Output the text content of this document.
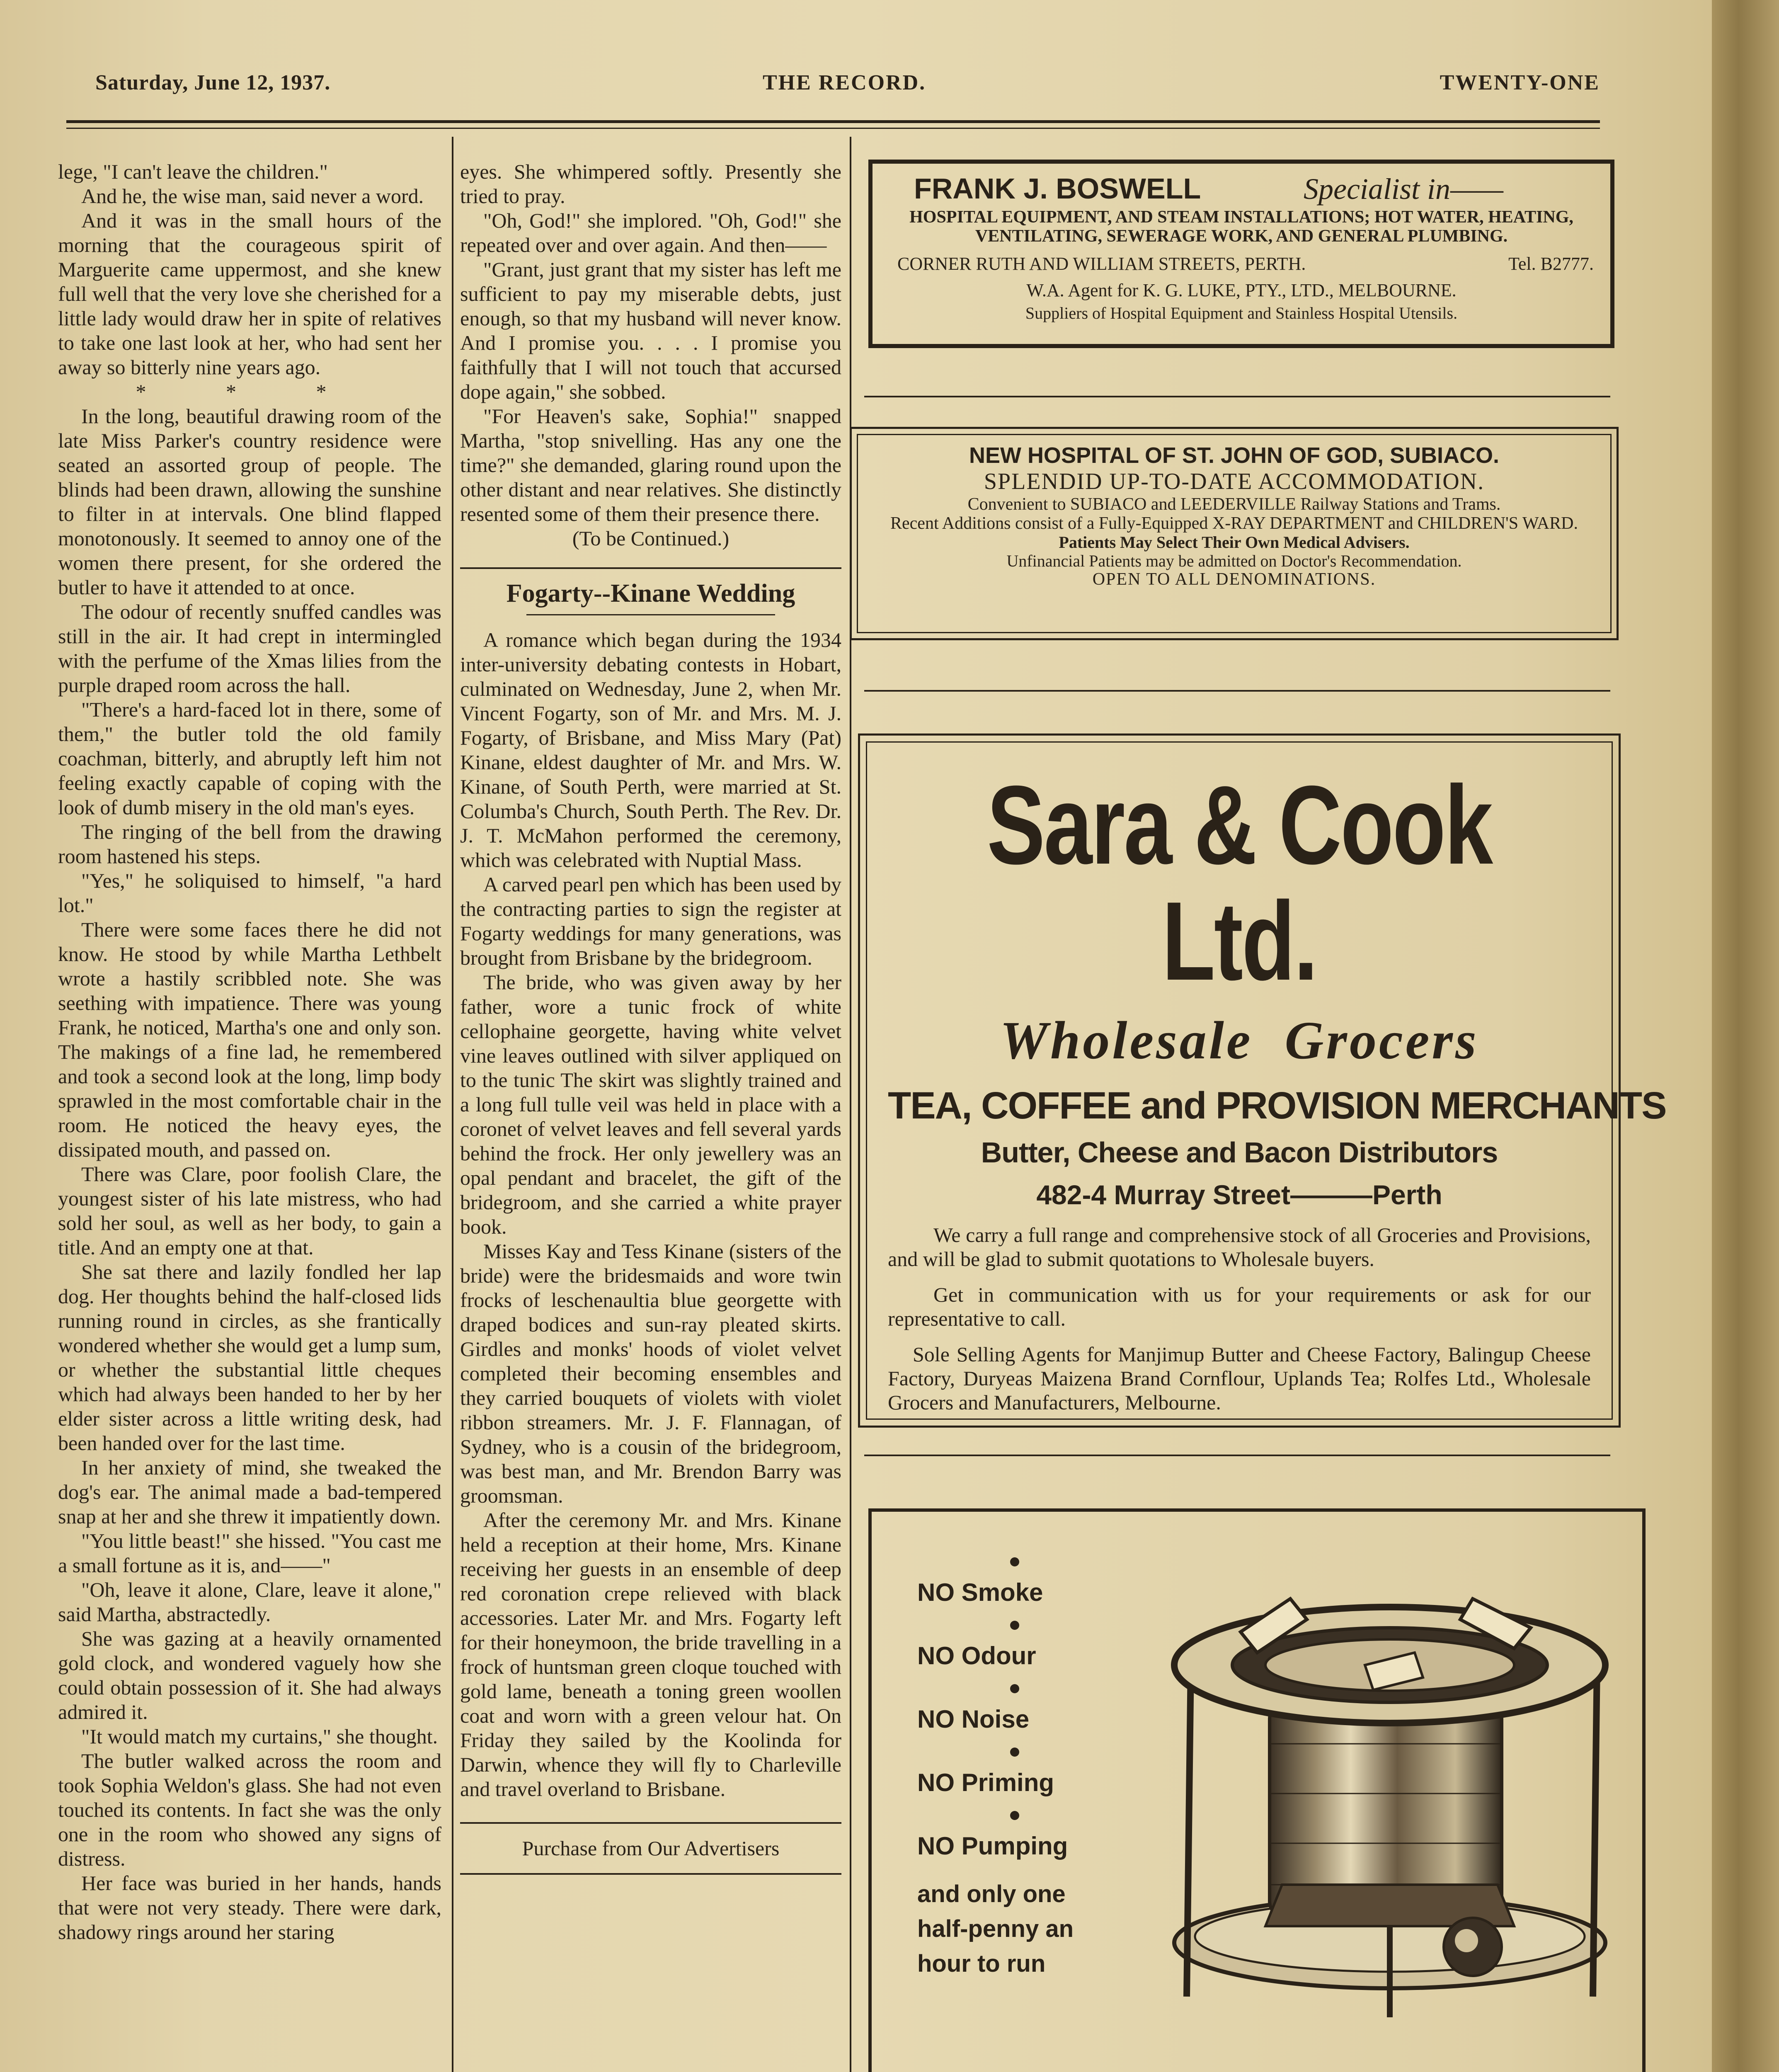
Saturday, June 12, 1937.	THE RECORD.	TWENTY-ONE

lege, "I can't leave the children."

And he, the wise man, said never a word.

And it was in the small hours of the morning that the courageous spirit of Marguerite came uppermost, and she knew full well that the very love she cherished for a little lady would draw her in spite of relatives to take one last look at her, who had sent her away so bitterly nine years ago.

* * *

In the long, beautiful drawing room of the late Miss Parker's country residence were seated an assorted group of people. The blinds had been drawn, allowing the sunshine to filter in at intervals. One blind flapped monotonously. It seemed to annoy one of the women there present, for she ordered the butler to have it attended to at once.

The odour of recently snuffed candles was still in the air. It had crept in intermingled with the perfume of the Xmas lilies from the purple draped room across the hall.

"There's a hard-faced lot in there, some of them," the butler told the old family coachman, bitterly, and abruptly left him not feeling exactly capable of coping with the look of dumb misery in the old man's eyes.

The ringing of the bell from the drawing room hastened his steps.

"Yes," he soliquised to himself, "a hard lot."

There were some faces there he did not know. He stood by while Martha Lethbelt wrote a hastily scribbled note. She was seething with impatience. There was young Frank, he noticed, Martha's one and only son. The makings of a fine lad, he remembered and took a second look at the long, limp body sprawled in the most comfortable chair in the room. He noticed the heavy eyes, the dissipated mouth, and passed on.

There was Clare, poor foolish Clare, the youngest sister of his late mistress, who had sold her soul, as well as her body, to gain a title. And an empty one at that.

She sat there and lazily fondled her lap dog. Her thoughts behind the half-closed lids running round in circles, as she frantically wondered whether she would get a lump sum, or whether the substantial little cheques which had always been handed to her by her elder sister across a little writing desk, had been handed over for the last time.

In her anxiety of mind, she tweaked the dog's ear. The animal made a bad-tempered snap at her and she threw it impatiently down.

"You little beast!" she hissed. "You cast me a small fortune as it is, and——"

"Oh, leave it alone, Clare, leave it alone," said Martha, abstractedly.

She was gazing at a heavily ornamented gold clock, and wondered vaguely how she could obtain possession of it. She had always admired it.

"It would match my curtains," she thought.

The butler walked across the room and took Sophia Weldon's glass. She had not even touched its contents. In fact she was the only one in the room who showed any signs of distress.

Her face was buried in her hands, hands that were not very steady. There were dark, shadowy rings around her staring

eyes. She whimpered softly. Presently she tried to pray.

"Oh, God!" she implored. "Oh, God!" she repeated over and over again. And then——

"Grant, just grant that my sister has left me sufficient to pay my miserable debts, just enough, so that my husband will never know. And I promise you. . . . I promise you faithfully that I will not touch that accursed dope again," she sobbed.

"For Heaven's sake, Sophia!" snapped Martha, "stop snivelling. Has any one the time?" she demanded, glaring round upon the other distant and near relatives. She distinctly resented some of them their presence there.

(To be Continued.)

Fogarty--Kinane Wedding

A romance which began during the 1934 inter-university debating contests in Hobart, culminated on Wednesday, June 2, when Mr. Vincent Fogarty, son of Mr. and Mrs. M. J. Fogarty, of Brisbane, and Miss Mary (Pat) Kinane, eldest daughter of Mr. and Mrs. W. Kinane, of South Perth, were married at St. Columba's Church, South Perth. The Rev. Dr. J. T. McMahon performed the ceremony, which was celebrated with Nuptial Mass.

A carved pearl pen which has been used by the contracting parties to sign the register at Fogarty weddings for many generations, was brought from Brisbane by the bridegroom.

The bride, who was given away by her father, wore a tunic frock of white cellophaine georgette, having white velvet vine leaves outlined with silver appliqued on to the tunic The skirt was slightly trained and a long full tulle veil was held in place with a coronet of velvet leaves and fell several yards behind the frock. Her only jewellery was an opal pendant and bracelet, the gift of the bridegroom, and she carried a white prayer book.

Misses Kay and Tess Kinane (sisters of the bride) were the bridesmaids and wore twin frocks of leschenaultia blue georgette with draped bodices and sun-ray pleated skirts. Girdles and monks' hoods of violet velvet completed their becoming ensembles and they carried bouquets of violets with violet ribbon streamers. Mr. J. F. Flannagan, of Sydney, who is a cousin of the bridegroom, was best man, and Mr. Brendon Barry was groomsman.

After the ceremony Mr. and Mrs. Kinane held a reception at their home, Mrs. Kinane receiving her guests in an ensemble of deep red coronation crepe relieved with black accessories. Later Mr. and Mrs. Fogarty left for their honeymoon, the bride travelling in a frock of huntsman green cloque touched with gold lame, beneath a toning green woollen coat and worn with a green velour hat. On Friday they sailed by the Koolinda for Darwin, whence they will fly to Charleville and travel overland to Brisbane.

Purchase from Our Advertisers

FRANK J. BOSWELL	Specialist in——
HOSPITAL EQUIPMENT, AND STEAM INSTALLATIONS; HOT WATER, HEATING, VENTILATING, SEWERAGE WORK, AND GENERAL PLUMBING.
CORNER RUTH AND WILLIAM STREETS, PERTH.	Tel. B2777.
W.A. Agent for K. G. LUKE, PTY., LTD., MELBOURNE.
Suppliers of Hospital Equipment and Stainless Hospital Utensils.
NEW HOSPITAL OF ST. JOHN OF GOD, SUBIACO.
SPLENDID UP-TO-DATE ACCOMMODATION.
Convenient to SUBIACO and LEEDERVILLE Railway Stations and Trams.
Recent Additions consist of a Fully-Equipped X-RAY DEPARTMENT and CHILDREN'S WARD.
Patients May Select Their Own Medical Advisers.
Unfinancial Patients may be admitted on Doctor's Recommendation.
OPEN TO ALL DENOMINATIONS.
Sara & Cook Ltd.
Wholesale  Grocers
TEA, COFFEE and PROVISION MERCHANTS
Butter, Cheese and Bacon Distributors
482-4 Murray Street———Perth
We carry a full range and comprehensive stock of all Groceries and Provisions, and will be glad to submit quotations to Wholesale buyers.
Get in communication with us for your requirements or ask for our representative to call.
Sole Selling Agents for Manjimup Butter and Cheese Factory, Balingup Cheese Factory, Duryeas Maizena Brand Cornflour, Uplands Tea; Rolfes Ltd., Wholesale Grocers and Manufacturers, Melbourne.
NO Smoke
NO Odour
NO Noise
NO Priming
NO Pumping
and only one half-penny an hour to run
